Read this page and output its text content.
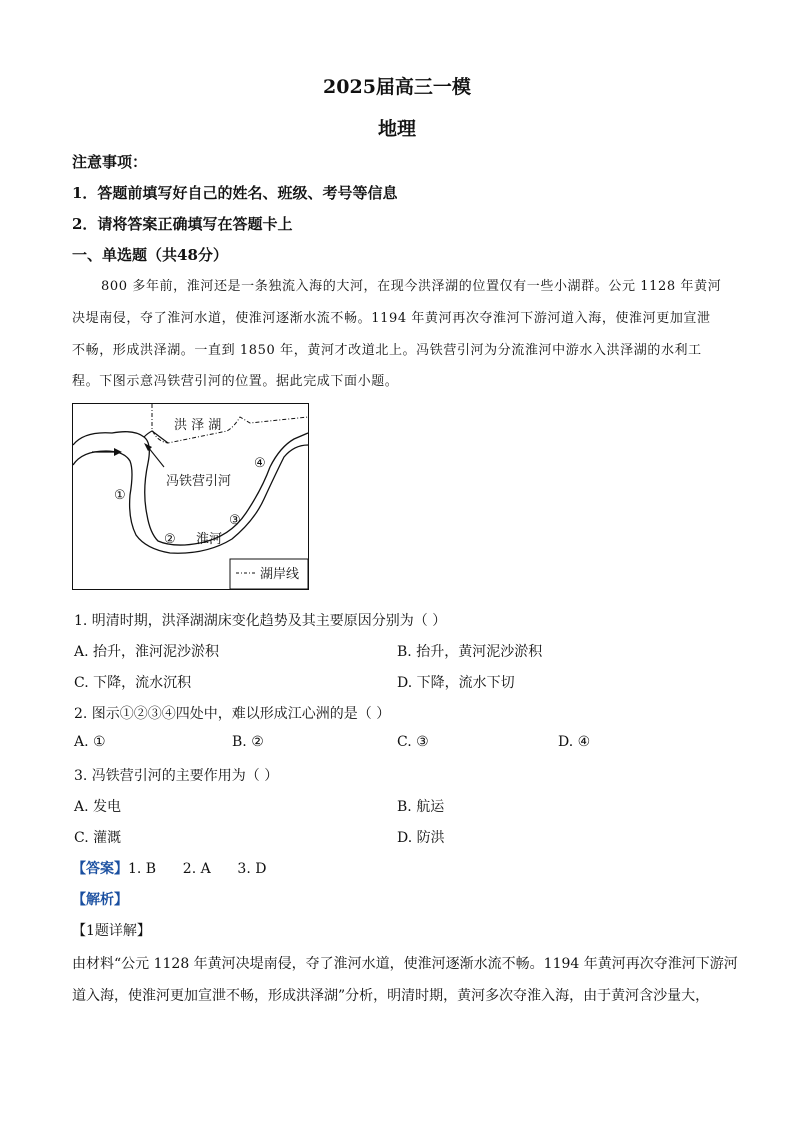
2025届高三一模
地理
注意事项：
1．答题前填写好自己的姓名、班级、考号等信息
2．请将答案正确填写在答题卡上
一、单选题（共48分）
800 多年前，淮河还是一条独流入海的大河，在现今洪泽湖的位置仅有一些小湖群。公元 1128 年黄河
决堤南侵，夺了淮河水道，使淮河逐渐水流不畅。1194 年黄河再次夺淮河下游河道入海，使淮河更加宣泄
不畅，形成洪泽湖。一直到 1850 年，黄河才改道北上。冯铁营引河为分流淮河中游水入洪泽湖的水利工
程。下图示意冯铁营引河的位置。据此完成下面小题。
湖岸线
洪 泽 湖
冯铁营引河
淮河
①
②
③
④
1. 明清时期，洪泽湖湖床变化趋势及其主要原因分别为（ ）
A. 抬升，淮河泥沙淤积	B. 抬升，黄河泥沙淤积
C. 下降，流水沉积	D. 下降，流水下切
2. 图示①②③④四处中，难以形成江心洲的是（ ）
A. ①	B. ②	C. ③	D. ④
3. 冯铁营引河的主要作用为（ ）
A. 发电	B. 航运
C. 灌溉	D. 防洪
【答案】1. B      2. A      3. D
【解析】
【1题详解】
由材料“公元 1128 年黄河决堤南侵，夺了淮河水道，使淮河逐渐水流不畅。1194 年黄河再次夺淮河下游河
道入海，使淮河更加宣泄不畅，形成洪泽湖”分析，明清时期，黄河多次夺淮入海，由于黄河含沙量大，
